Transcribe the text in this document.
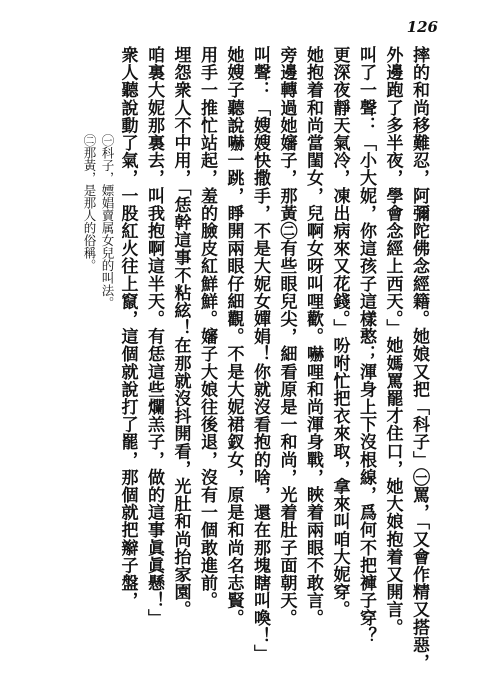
126

摔的和尚移難忍，阿彌陀佛念經籍。她娘又把「科子」㊀罵，「又會作精又搭惡，

外邊跑了多半夜，學會念經上西天。」她媽罵罷才住口，她大娘抱着又開言。

叫了一聲：「小大妮，你這孩子這樣憨；渾身上下沒根線，爲何不把褲子穿？

更深夜靜天氣冷，凍出病來又花錢。」吩咐忙把衣來取，拿來叫咱大妮穿。

她抱着和尚當閨女，兒啊女呀叫哩歡。嚇哩和尚渾身戰，䀹着兩眼不敢言。

旁邊轉過她嬸子，那黃㊁有些眼兒尖，細看原是一和尚，光着肚子面朝天。

叫聲：「嫂嫂快撒手，不是大妮女嬋娟！你就沒看抱的啥，還在那塊瞎叫喚！」

她嫂子聽說嚇一跳，睜開兩眼仔細觀。不是大妮裙釵女，原是和尚名志賢。

用手一推忙站起，羞的臉皮紅鮮鮮。嬸子大娘往後退，沒有一個敢進前。

埋怨衆人不中用，「恁幹這事不粘絃！在那就沒抖開看，光肚和尚抬家園。

咱裏大妮那裏去，叫我抱啊這半天。有恁這些爛羔子，做的這事眞眞懸！」

衆人聽說動了氣，一股紅火往上竄，這個就說打了罷，那個就把辮子盤，

㊀科子，嫖娼賣属女兒的叫法。

㊁那黃，是那人的俗稱。
